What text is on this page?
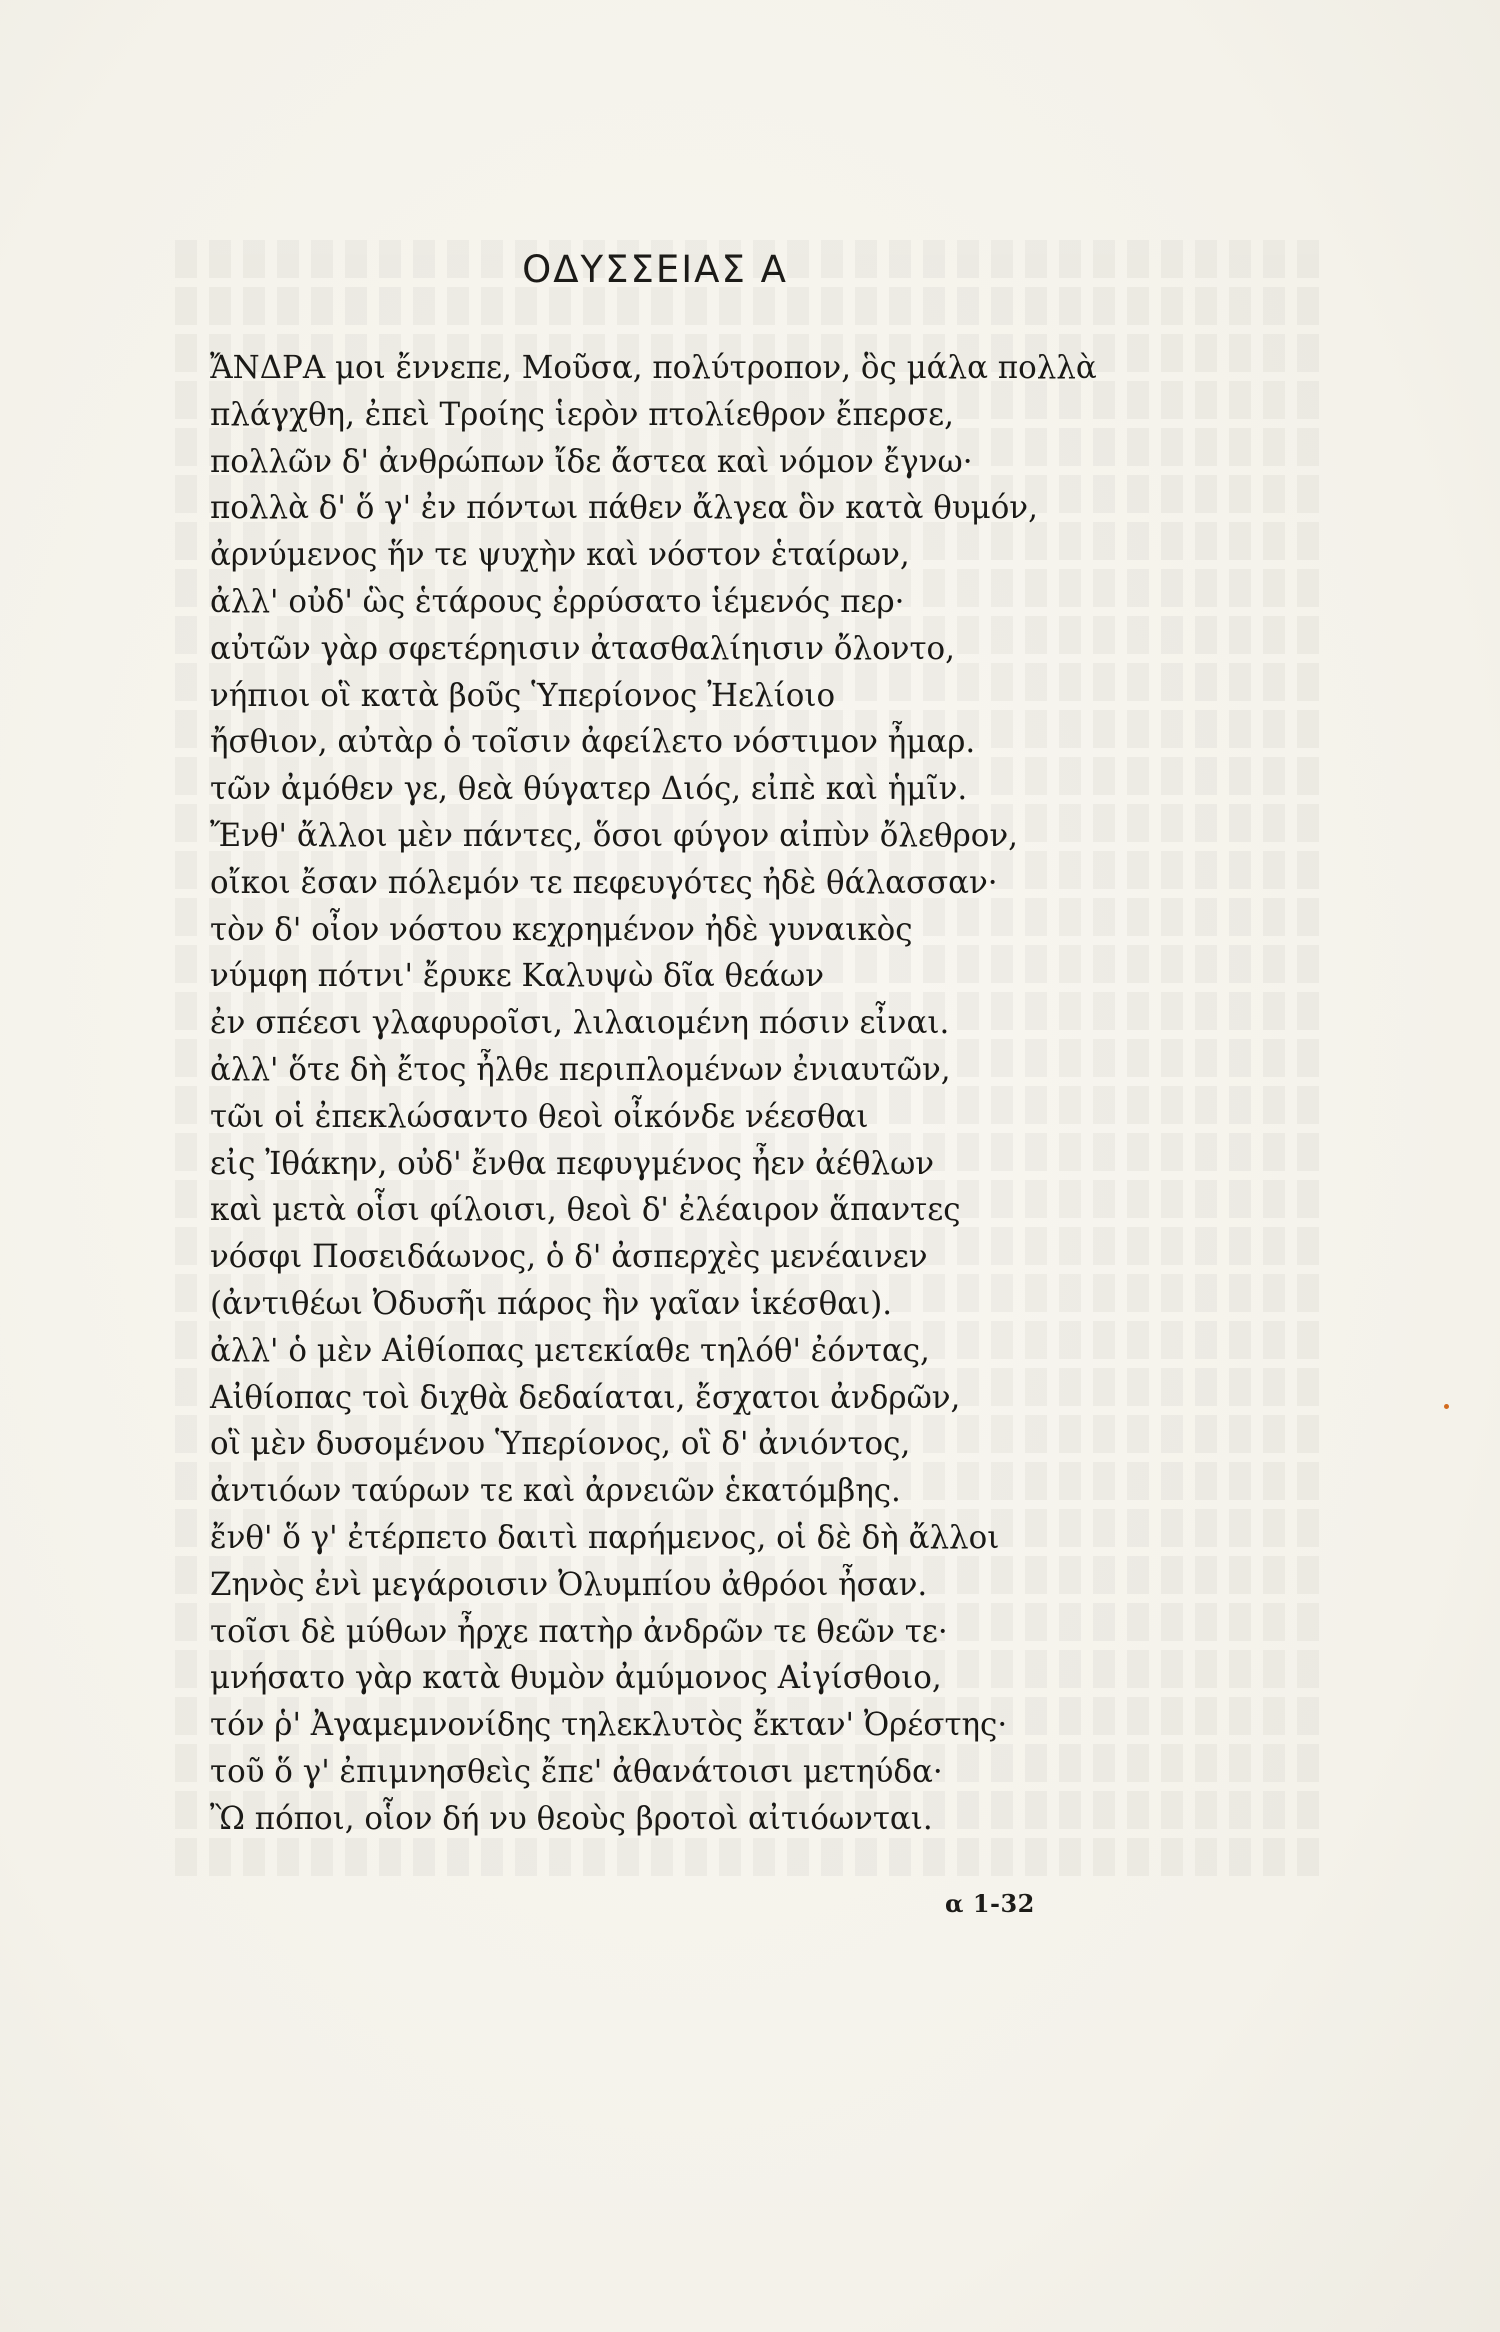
ΟΔΥΣΣΕΙΑΣ Α
ἌΝΔΡΑ μοι ἔννεπε, Μοῦσα, πολύτροπον, ὃς μάλα πολλὰ
πλάγχθη, ἐπεὶ Τροίης ἱερὸν πτολίεθρον ἔπερσε,
πολλῶν δ' ἀνθρώπων ἴδε ἄστεα καὶ νόμον ἔγνω·
πολλὰ δ' ὅ γ' ἐν πόντωι πάθεν ἄλγεα ὃν κατὰ θυμόν,
ἀρνύμενος ἥν τε ψυχὴν καὶ νόστον ἑταίρων,
ἀλλ' οὐδ' ὣς ἑτάρους ἐρρύσατο ἱέμενός περ·
αὐτῶν γὰρ σφετέρηισιν ἀτασθαλίηισιν ὄλοντο,
νήπιοι οἳ κατὰ βοῦς Ὑπερίονος Ἠελίοιο
ἤσθιον, αὐτὰρ ὁ τοῖσιν ἀφείλετο νόστιμον ἦμαρ.
τῶν ἀμόθεν γε, θεὰ θύγατερ Διός, εἰπὲ καὶ ἡμῖν.
Ἔνθ' ἄλλοι μὲν πάντες, ὅσοι φύγον αἰπὺν ὄλεθρον,
οἴκοι ἔσαν πόλεμόν τε πεφευγότες ἠδὲ θάλασσαν·
τὸν δ' οἶον νόστου κεχρημένον ἠδὲ γυναικὸς
νύμφη πότνι' ἔρυκε Καλυψὼ δῖα θεάων
ἐν σπέεσι γλαφυροῖσι, λιλαιομένη πόσιν εἶναι.
ἀλλ' ὅτε δὴ ἔτος ἦλθε περιπλομένων ἐνιαυτῶν,
τῶι οἱ ἐπεκλώσαντο θεοὶ οἶκόνδε νέεσθαι
εἰς Ἰθάκην, οὐδ' ἔνθα πεφυγμένος ἦεν ἀέθλων
καὶ μετὰ οἷσι φίλοισι, θεοὶ δ' ἐλέαιρον ἅπαντες
νόσφι Ποσειδάωνος, ὁ δ' ἀσπερχὲς μενέαινεν
(ἀντιθέωι Ὀδυσῆι πάρος ἣν γαῖαν ἱκέσθαι).
ἀλλ' ὁ μὲν Αἰθίοπας μετεκίαθε τηλόθ' ἐόντας,
Αἰθίοπας τοὶ διχθὰ δεδαίαται, ἔσχατοι ἀνδρῶν,
οἳ μὲν δυσομένου Ὑπερίονος, οἳ δ' ἀνιόντος,
ἀντιόων ταύρων τε καὶ ἀρνειῶν ἑκατόμβης.
ἔνθ' ὅ γ' ἐτέρπετο δαιτὶ παρήμενος, οἱ δὲ δὴ ἄλλοι
Ζηνὸς ἐνὶ μεγάροισιν Ὀλυμπίου ἀθρόοι ἦσαν.
τοῖσι δὲ μύθων ἦρχε πατὴρ ἀνδρῶν τε θεῶν τε·
μνήσατο γὰρ κατὰ θυμὸν ἀμύμονος Αἰγίσθοιο,
τόν ῥ' Ἀγαμεμνονίδης τηλεκλυτὸς ἔκταν' Ὀρέστης·
τοῦ ὅ γ' ἐπιμνησθεὶς ἔπε' ἀθανάτοισι μετηύδα·
Ὢ πόποι, οἷον δή νυ θεοὺς βροτοὶ αἰτιόωνται.
α 1-32
